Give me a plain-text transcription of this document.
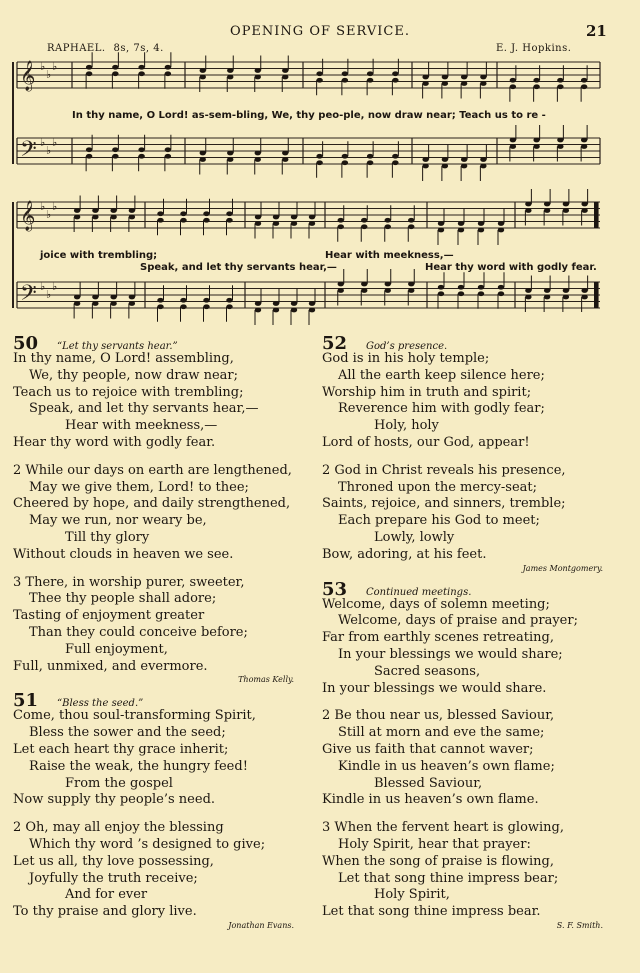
OPENING OF SERVICE.	21
RAPHAEL. 8s, 7s, 4.	E. J. Hopkins.
𝄞 ♭
♭
♭
𝄢 ♭
♭
♭
𝄞 ♭
♭
♭
𝄢 ♭
♭
♭
In thy name, O Lord! as-sem-bling, We, thy peo-ple, now draw near; Teach us to re -
joice with trembling;	Hear with meekness,—
Speak, and let thy servants hear,—	Hear thy word with godly fear.
50 “Let thy servants hear.”
In thy name, O Lord! assembling,
We, thy people, now draw near;
Teach us to rejoice with trembling;
Speak, and let thy servants hear,—
Hear with meekness,—
Hear thy word with godly fear.
2 While our days on earth are lengthened,
May we give them, Lord! to thee;
Cheered by hope, and daily strengthened,
May we run, nor weary be,
Till thy glory
Without clouds in heaven we see.
3 There, in worship purer, sweeter,
Thee thy people shall adore;
Tasting of enjoyment greater
Than they could conceive before;
Full enjoyment,
Full, unmixed, and evermore.
Thomas Kelly.
51 “Bless the seed.”
Come, thou soul-transforming Spirit,
Bless the sower and the seed;
Let each heart thy grace inherit;
Raise the weak, the hungry feed!
From the gospel
Now supply thy people’s need.
2 Oh, may all enjoy the blessing
Which thy word ’s designed to give;
Let us all, thy love possessing,
Joyfully the truth receive;
And for ever
To thy praise and glory live.
Jonathan Evans.
52 God’s presence.
God is in his holy temple;
All the earth keep silence here;
Worship him in truth and spirit;
Reverence him with godly fear;
Holy, holy
Lord of hosts, our God, appear!
2 God in Christ reveals his presence,
Throned upon the mercy-seat;
Saints, rejoice, and sinners, tremble;
Each prepare his God to meet;
Lowly, lowly
Bow, adoring, at his feet.
James Montgomery.
53 Continued meetings.
Welcome, days of solemn meeting;
Welcome, days of praise and prayer;
Far from earthly scenes retreating,
In your blessings we would share;
Sacred seasons,
In your blessings we would share.
2 Be thou near us, blessed Saviour,
Still at morn and eve the same;
Give us faith that cannot waver;
Kindle in us heaven’s own flame;
Blessed Saviour,
Kindle in us heaven’s own flame.
3 When the fervent heart is glowing,
Holy Spirit, hear that prayer:
When the song of praise is flowing,
Let that song thine impress bear;
Holy Spirit,
Let that song thine impress bear.
S. F. Smith.
